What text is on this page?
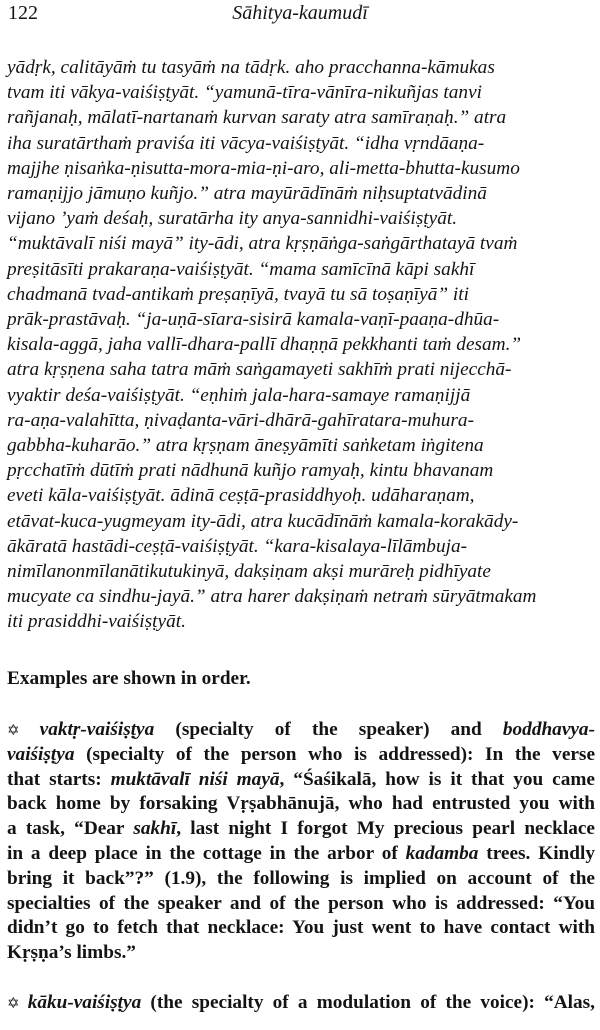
122	Sāhitya-kaumudī
yādṛk, calitāyāṁ tu tasyāṁ na tādṛk. aho pracchanna-kāmukas
tvam iti vākya-vaiśiṣṭyāt. “yamunā-tīra-vānīra-nikuñjas tanvi
rañjanaḥ, mālatī-nartanaṁ kurvan saraty atra samīraṇaḥ.” atra
iha suratārthaṁ praviśa iti vācya-vaiśiṣṭyāt. “idha vṛndāaṇa-
majjhe ṇisaṅka-ṇisutta-mora-mia-ṇi-aro, ali-metta-bhutta-kusumo
ramaṇijjo jāmuṇo kuñjo.” atra mayūrādīnāṁ niḥsuptatvādinā
vijano ’yaṁ deśaḥ, suratārha ity anya-sannidhi-vaiśiṣṭyāt.
“muktāvalī niśi mayā” ity-ādi, atra kṛṣṇāṅga-saṅgārthatayā tvaṁ
preṣitāsīti prakaraṇa-vaiśiṣṭyāt. “mama samīcīnā kāpi sakhī
chadmanā tvad-antikaṁ preṣaṇīyā, tvayā tu sā toṣaṇīyā” iti
prāk-prastāvaḥ. “ja-uṇā-sīara-sisirā kamala-vaṇī-paaṇa-dhūa-
kisala-aggā, jaha vallī-dhara-pallī dhaṇṇā pekkhanti taṁ desam.”
atra kṛṣṇena saha tatra māṁ saṅgamayeti sakhīṁ prati nijecchā-
vyaktir deśa-vaiśiṣṭyāt. “eṇhiṁ jala-hara-samaye ramaṇijjā
ra-aṇa-valahītta, ṇivaḍanta-vāri-dhārā-gahīratara-muhura-
gabbha-kuharāo.” atra kṛṣṇam āneṣyāmīti saṅketam iṅgitena
pṛcchatīṁ dūtīṁ prati nādhunā kuñjo ramyaḥ, kintu bhavanam
eveti kāla-vaiśiṣṭyāt. ādinā ceṣṭā-prasiddhyoḥ. udāharaṇam,
etāvat-kuca-yugmeyam ity-ādi, atra kucādīnāṁ kamala-korakādy-
ākāratā hastādi-ceṣṭā-vaiśiṣṭyāt. “kara-kisalaya-līlāmbuja-
nimīlanonmīlanātikutukinyā, dakṣiṇam akṣi murāreḥ pidhīyate
mucyate ca sindhu-jayā.” atra harer dakṣiṇaṁ netraṁ sūryātmakam
iti prasiddhi-vaiśiṣṭyāt.
Examples are shown in order.
✡ vaktṛ-vaiśiṣṭya (specialty of the speaker) and boddhavya-
vaiśiṣṭya (specialty of the person who is addressed): In the verse
that starts: muktāvalī niśi mayā, “Śaśikalā, how is it that you came
back home by forsaking Vṛṣabhānujā, who had entrusted you with
a task, “Dear sakhī, last night I forgot My precious pearl necklace
in a deep place in the cottage in the arbor of kadamba trees. Kindly
bring it back”?” (1.9), the following is implied on account of the
specialties of the speaker and of the person who is addressed: “You
didn’t go to fetch that necklace: You just went to have contact with
Kṛṣṇa’s limbs.”
✡ kāku-vaiśiṣṭya (the specialty of a modulation of the voice): “Alas,
